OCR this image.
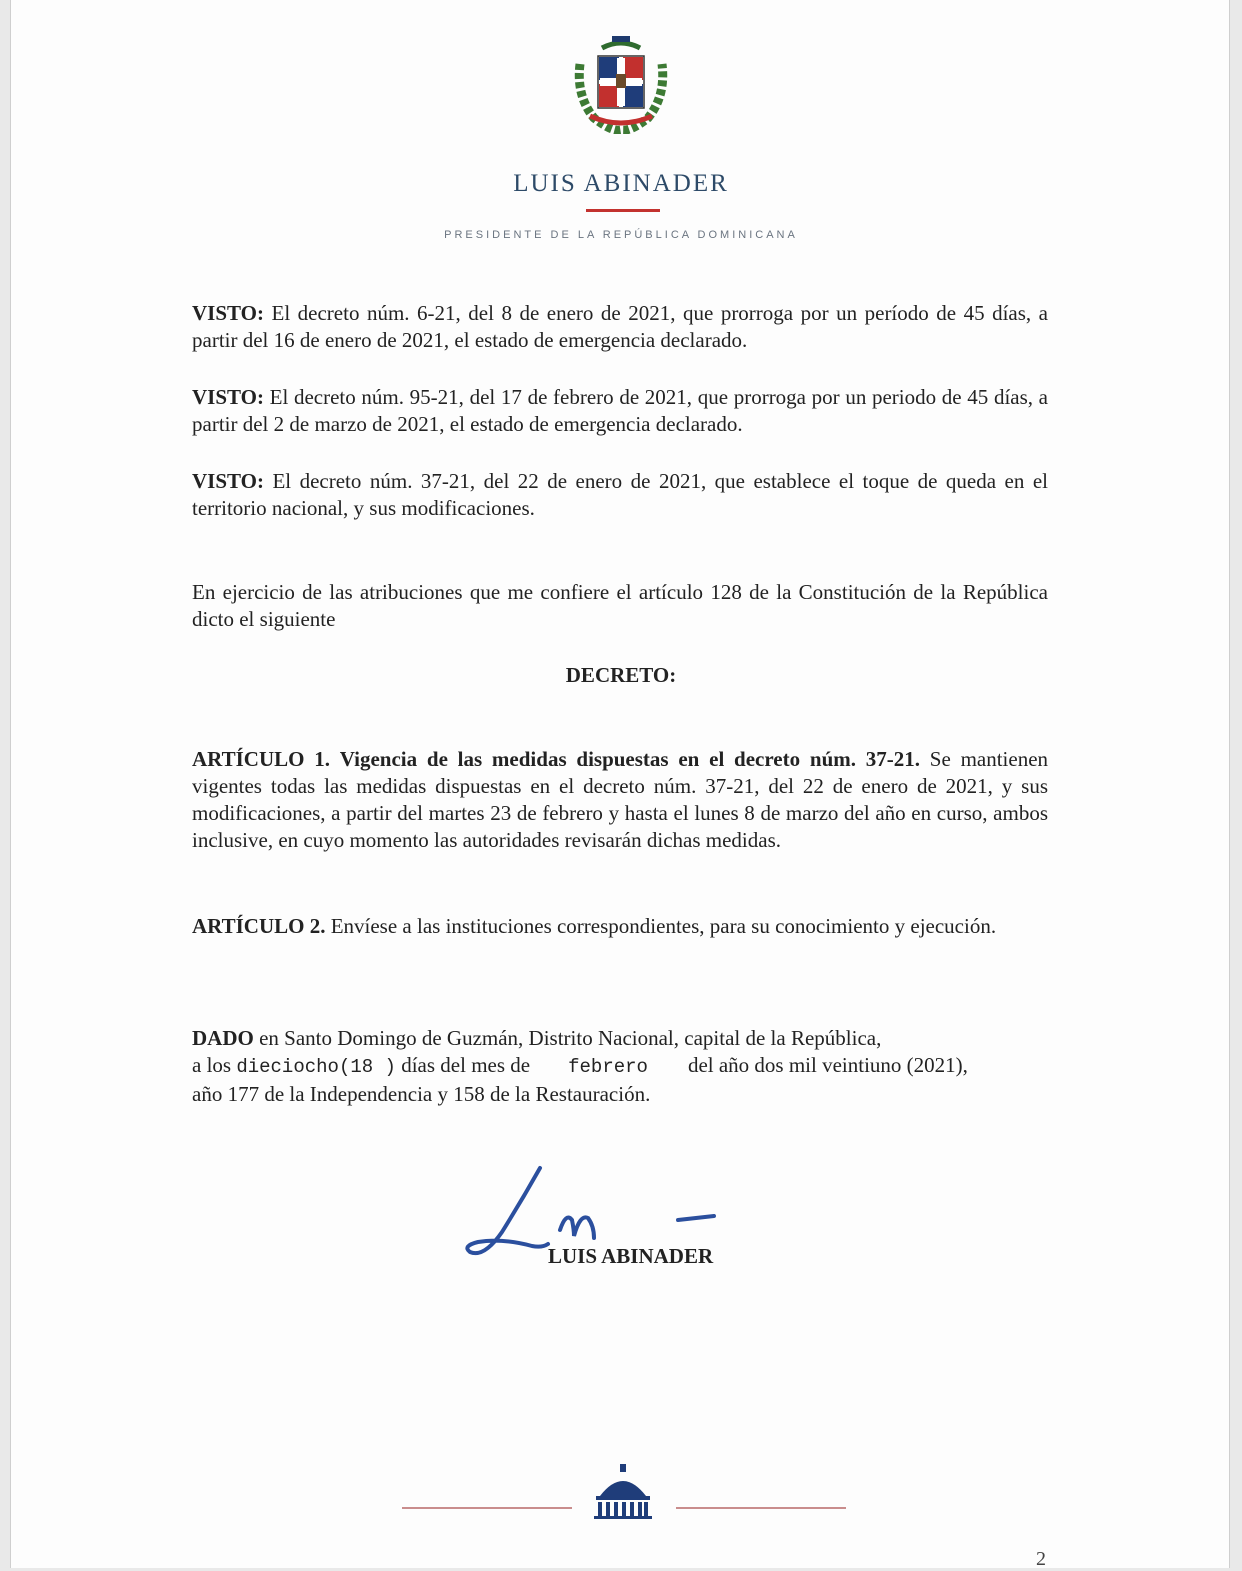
LUIS ABINADER
PRESIDENTE DE LA REPÚBLICA DOMINICANA

VISTO: El decreto núm. 6-21, del 8 de enero de 2021, que prorroga por un período de 45 días, a partir del 16 de enero de 2021, el estado de emergencia declarado.

VISTO: El decreto núm. 95-21, del 17 de febrero de 2021, que prorroga por un periodo de 45 días, a partir del 2 de marzo de 2021, el estado de emergencia declarado.

VISTO: El decreto núm. 37-21, del 22 de enero de 2021, que establece el toque de queda en el territorio nacional, y sus modificaciones.

En ejercicio de las atribuciones que me confiere el artículo 128 de la Constitución de la República dicto el siguiente

DECRETO:

ARTÍCULO 1. Vigencia de las medidas dispuestas en el decreto núm. 37-21. Se mantienen vigentes todas las medidas dispuestas en el decreto núm. 37-21, del 22 de enero de 2021, y sus modificaciones, a partir del martes 23 de febrero y hasta el lunes 8 de marzo del año en curso, ambos inclusive, en cuyo momento las autoridades revisarán dichas medidas.

ARTÍCULO 2. Envíese a las instituciones correspondientes, para su conocimiento y ejecución.

DADO en Santo Domingo de Guzmán, Distrito Nacional, capital de la República,

a los dieciocho(18 ) días del mes de febrero del año dos mil veintiuno (2021),

año 177 de la Independencia y 158 de la Restauración.

LUIS ABINADER
2
